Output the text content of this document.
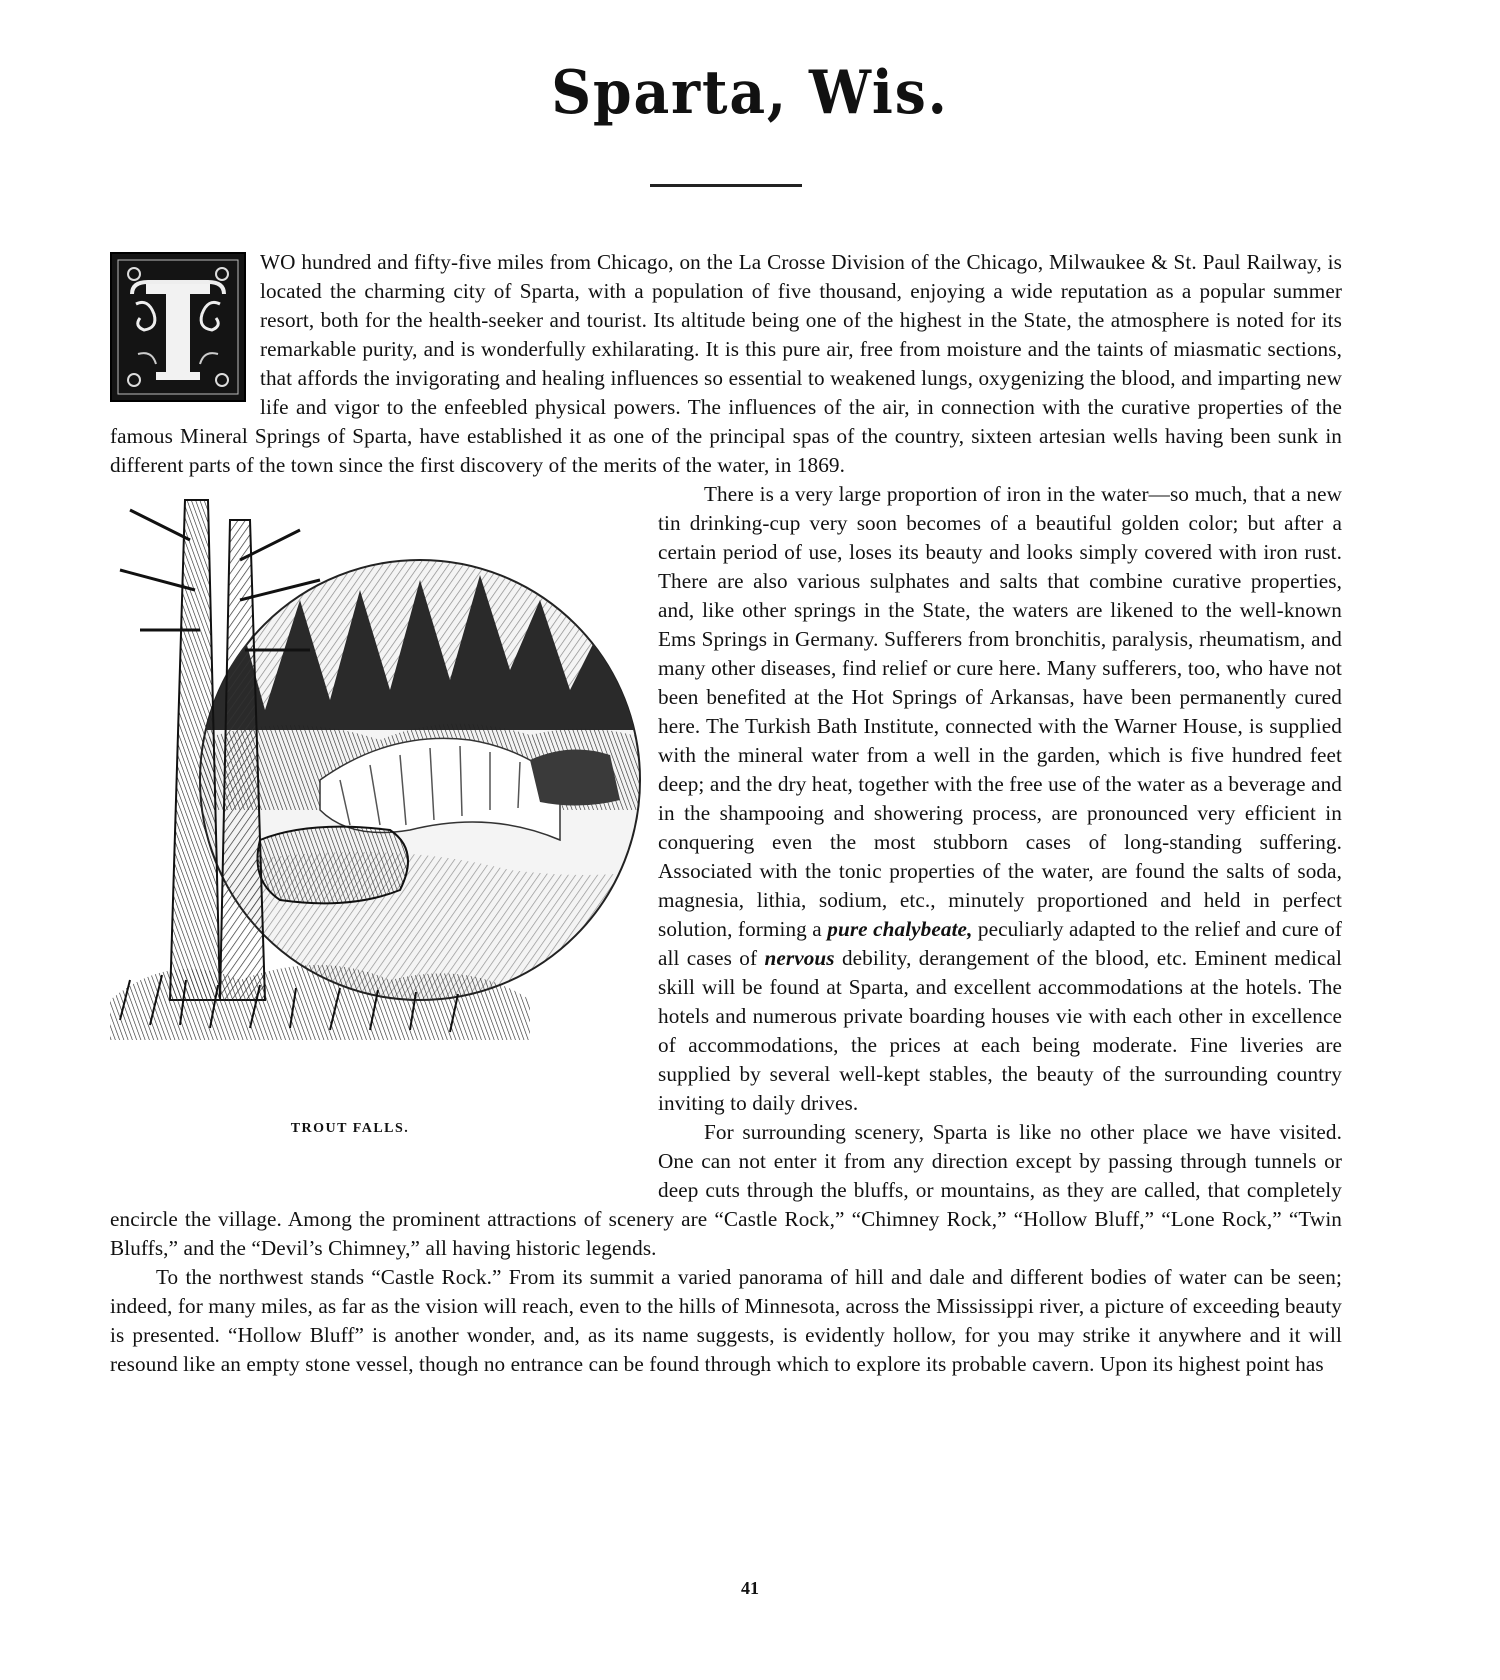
Sparta, Wis.

WO hundred and fifty-five miles from Chicago, on the La Crosse Division of the Chicago, Milwaukee & St. Paul Railway, is located the charming city of Sparta, with a population of five thousand, enjoying a wide reputation as a popular summer resort, both for the health-seeker and tourist. Its altitude being one of the highest in the State, the atmosphere is noted for its remarkable purity, and is wonderfully exhilarating. It is this pure air, free from moisture and the taints of miasmatic sections, that affords the invigorating and healing influences so essential to weakened lungs, oxygenizing the blood, and imparting new life and vigor to the enfeebled physical powers. The influences of the air, in connection with the curative properties of the famous Mineral Springs of Sparta, have established it as one of the principal spas of the country, sixteen artesian wells having been sunk in different parts of the town since the first discovery of the merits of the water, in 1869.

TROUT FALLS.

There is a very large proportion of iron in the water—so much, that a new tin drinking-cup very soon becomes of a beautiful golden color; but after a certain period of use, loses its beauty and looks simply covered with iron rust. There are also various sulphates and salts that combine curative properties, and, like other springs in the State, the waters are likened to the well-known Ems Springs in Germany. Sufferers from bronchitis, paralysis, rheumatism, and many other diseases, find relief or cure here. Many sufferers, too, who have not been benefited at the Hot Springs of Arkansas, have been permanently cured here. The Turkish Bath Institute, connected with the Warner House, is supplied with the mineral water from a well in the garden, which is five hundred feet deep; and the dry heat, together with the free use of the water as a beverage and in the shampooing and showering process, are pronounced very efficient in conquering even the most stubborn cases of long-standing suffering. Associated with the tonic properties of the water, are found the salts of soda, magnesia, lithia, sodium, etc., minutely proportioned and held in perfect solution, forming a pure chalybeate, peculiarly adapted to the relief and cure of all cases of nervous debility, derangement of the blood, etc. Eminent medical skill will be found at Sparta, and excellent accommodations at the hotels. The hotels and numerous private boarding houses vie with each other in excellence of accommodations, the prices at each being moderate. Fine liveries are supplied by several well-kept stables, the beauty of the surrounding country inviting to daily drives.

For surrounding scenery, Sparta is like no other place we have visited. One can not enter it from any direction except by passing through tunnels or deep cuts through the bluffs, or mountains, as they are called, that completely encircle the village. Among the prominent attractions of scenery are “Castle Rock,” “Chimney Rock,” “Hollow Bluff,” “Lone Rock,” “Twin Bluffs,” and the “Devil’s Chimney,” all having historic legends.

To the northwest stands “Castle Rock.” From its summit a varied panorama of hill and dale and different bodies of water can be seen; indeed, for many miles, as far as the vision will reach, even to the hills of Minnesota, across the Mississippi river, a picture of exceeding beauty is presented. “Hollow Bluff” is another wonder, and, as its name suggests, is evidently hollow, for you may strike it anywhere and it will resound like an empty stone vessel, though no entrance can be found through which to explore its probable cavern. Upon its highest point has

41
